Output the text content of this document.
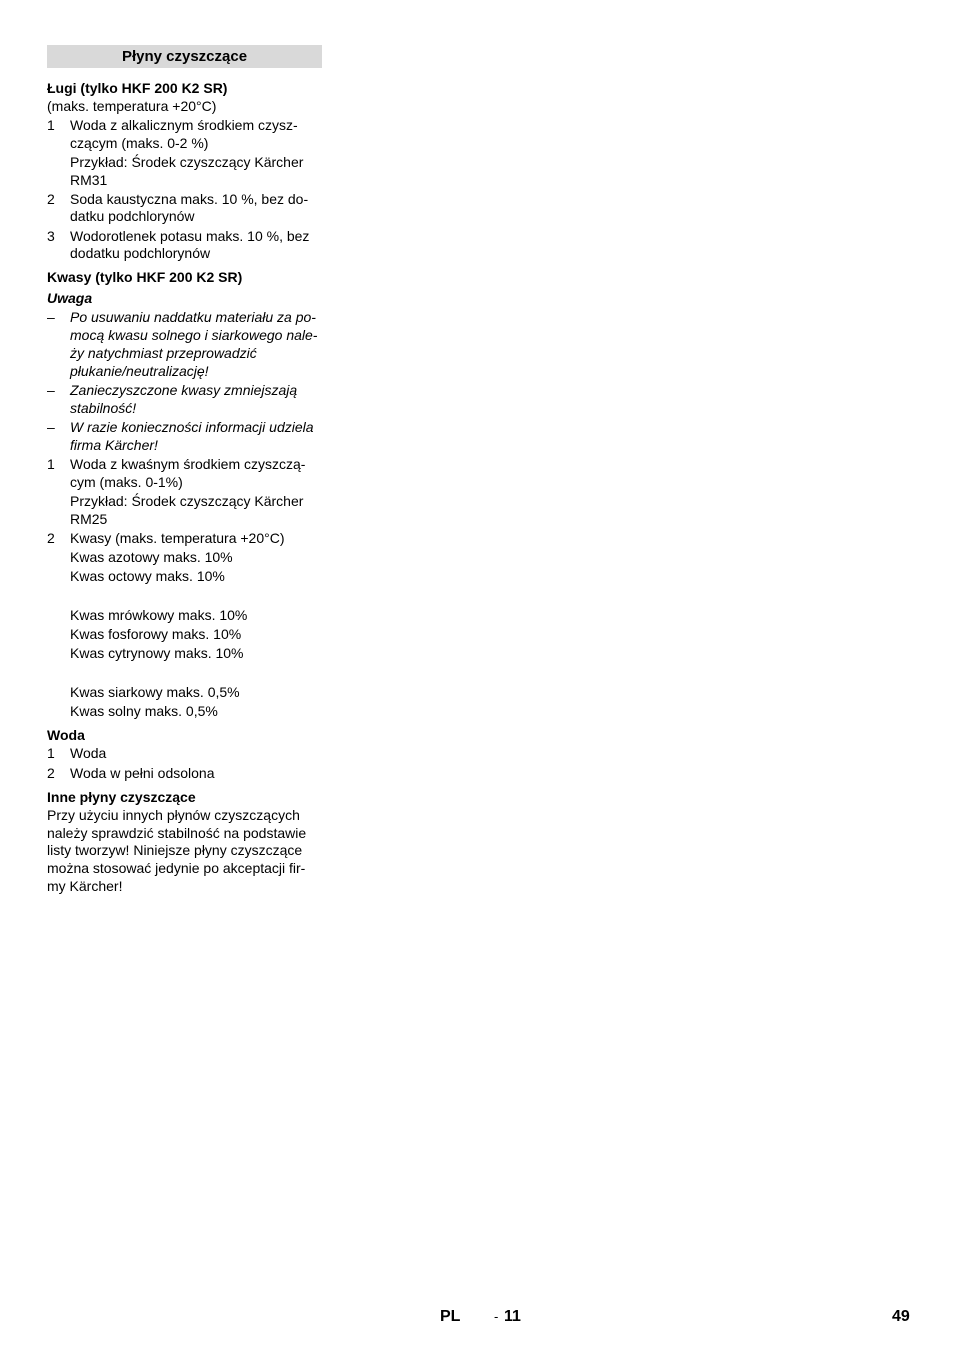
Płyny czyszczące
Ługi (tylko HKF 200 K2 SR)
(maks. temperatura +20°C)
1 Woda z alkalicznym środkiem czysz-
czącym (maks. 0-2 %)
Przykład: Środek czyszczący Kärcher
RM31
2 Soda kaustyczna maks. 10 %, bez do-
datku podchlorynów
3 Wodorotlenek potasu maks. 10 %, bez
dodatku podchlorynów
Kwasy (tylko HKF 200 K2 SR)
Uwaga
– Po usuwaniu naddatku materiału za po-
mocą kwasu solnego i siarkowego nale-
ży natychmiast przeprowadzić
płukanie/neutralizację!
– Zanieczyszczone kwasy zmniejszają
stabilność!
– W razie konieczności informacji udziela
firma Kärcher!
1 Woda z kwaśnym środkiem czyszczą-
cym (maks. 0-1%)
Przykład: Środek czyszczący Kärcher
RM25
2 Kwasy (maks. temperatura +20°C)
Kwas azotowy maks. 10%
Kwas octowy maks. 10%
Kwas mrówkowy maks. 10%
Kwas fosforowy maks. 10%
Kwas cytrynowy maks. 10%
Kwas siarkowy maks. 0,5%
Kwas solny maks. 0,5%
Woda
1 Woda
2 Woda w pełni odsolona
Inne płyny czyszczące
Przy użyciu innych płynów czyszczących
należy sprawdzić stabilność na podstawie
listy tworzyw! Niniejsze płyny czyszczące
można stosować jedynie po akceptacji fir-
my Kärcher!
PL	- 11	49
